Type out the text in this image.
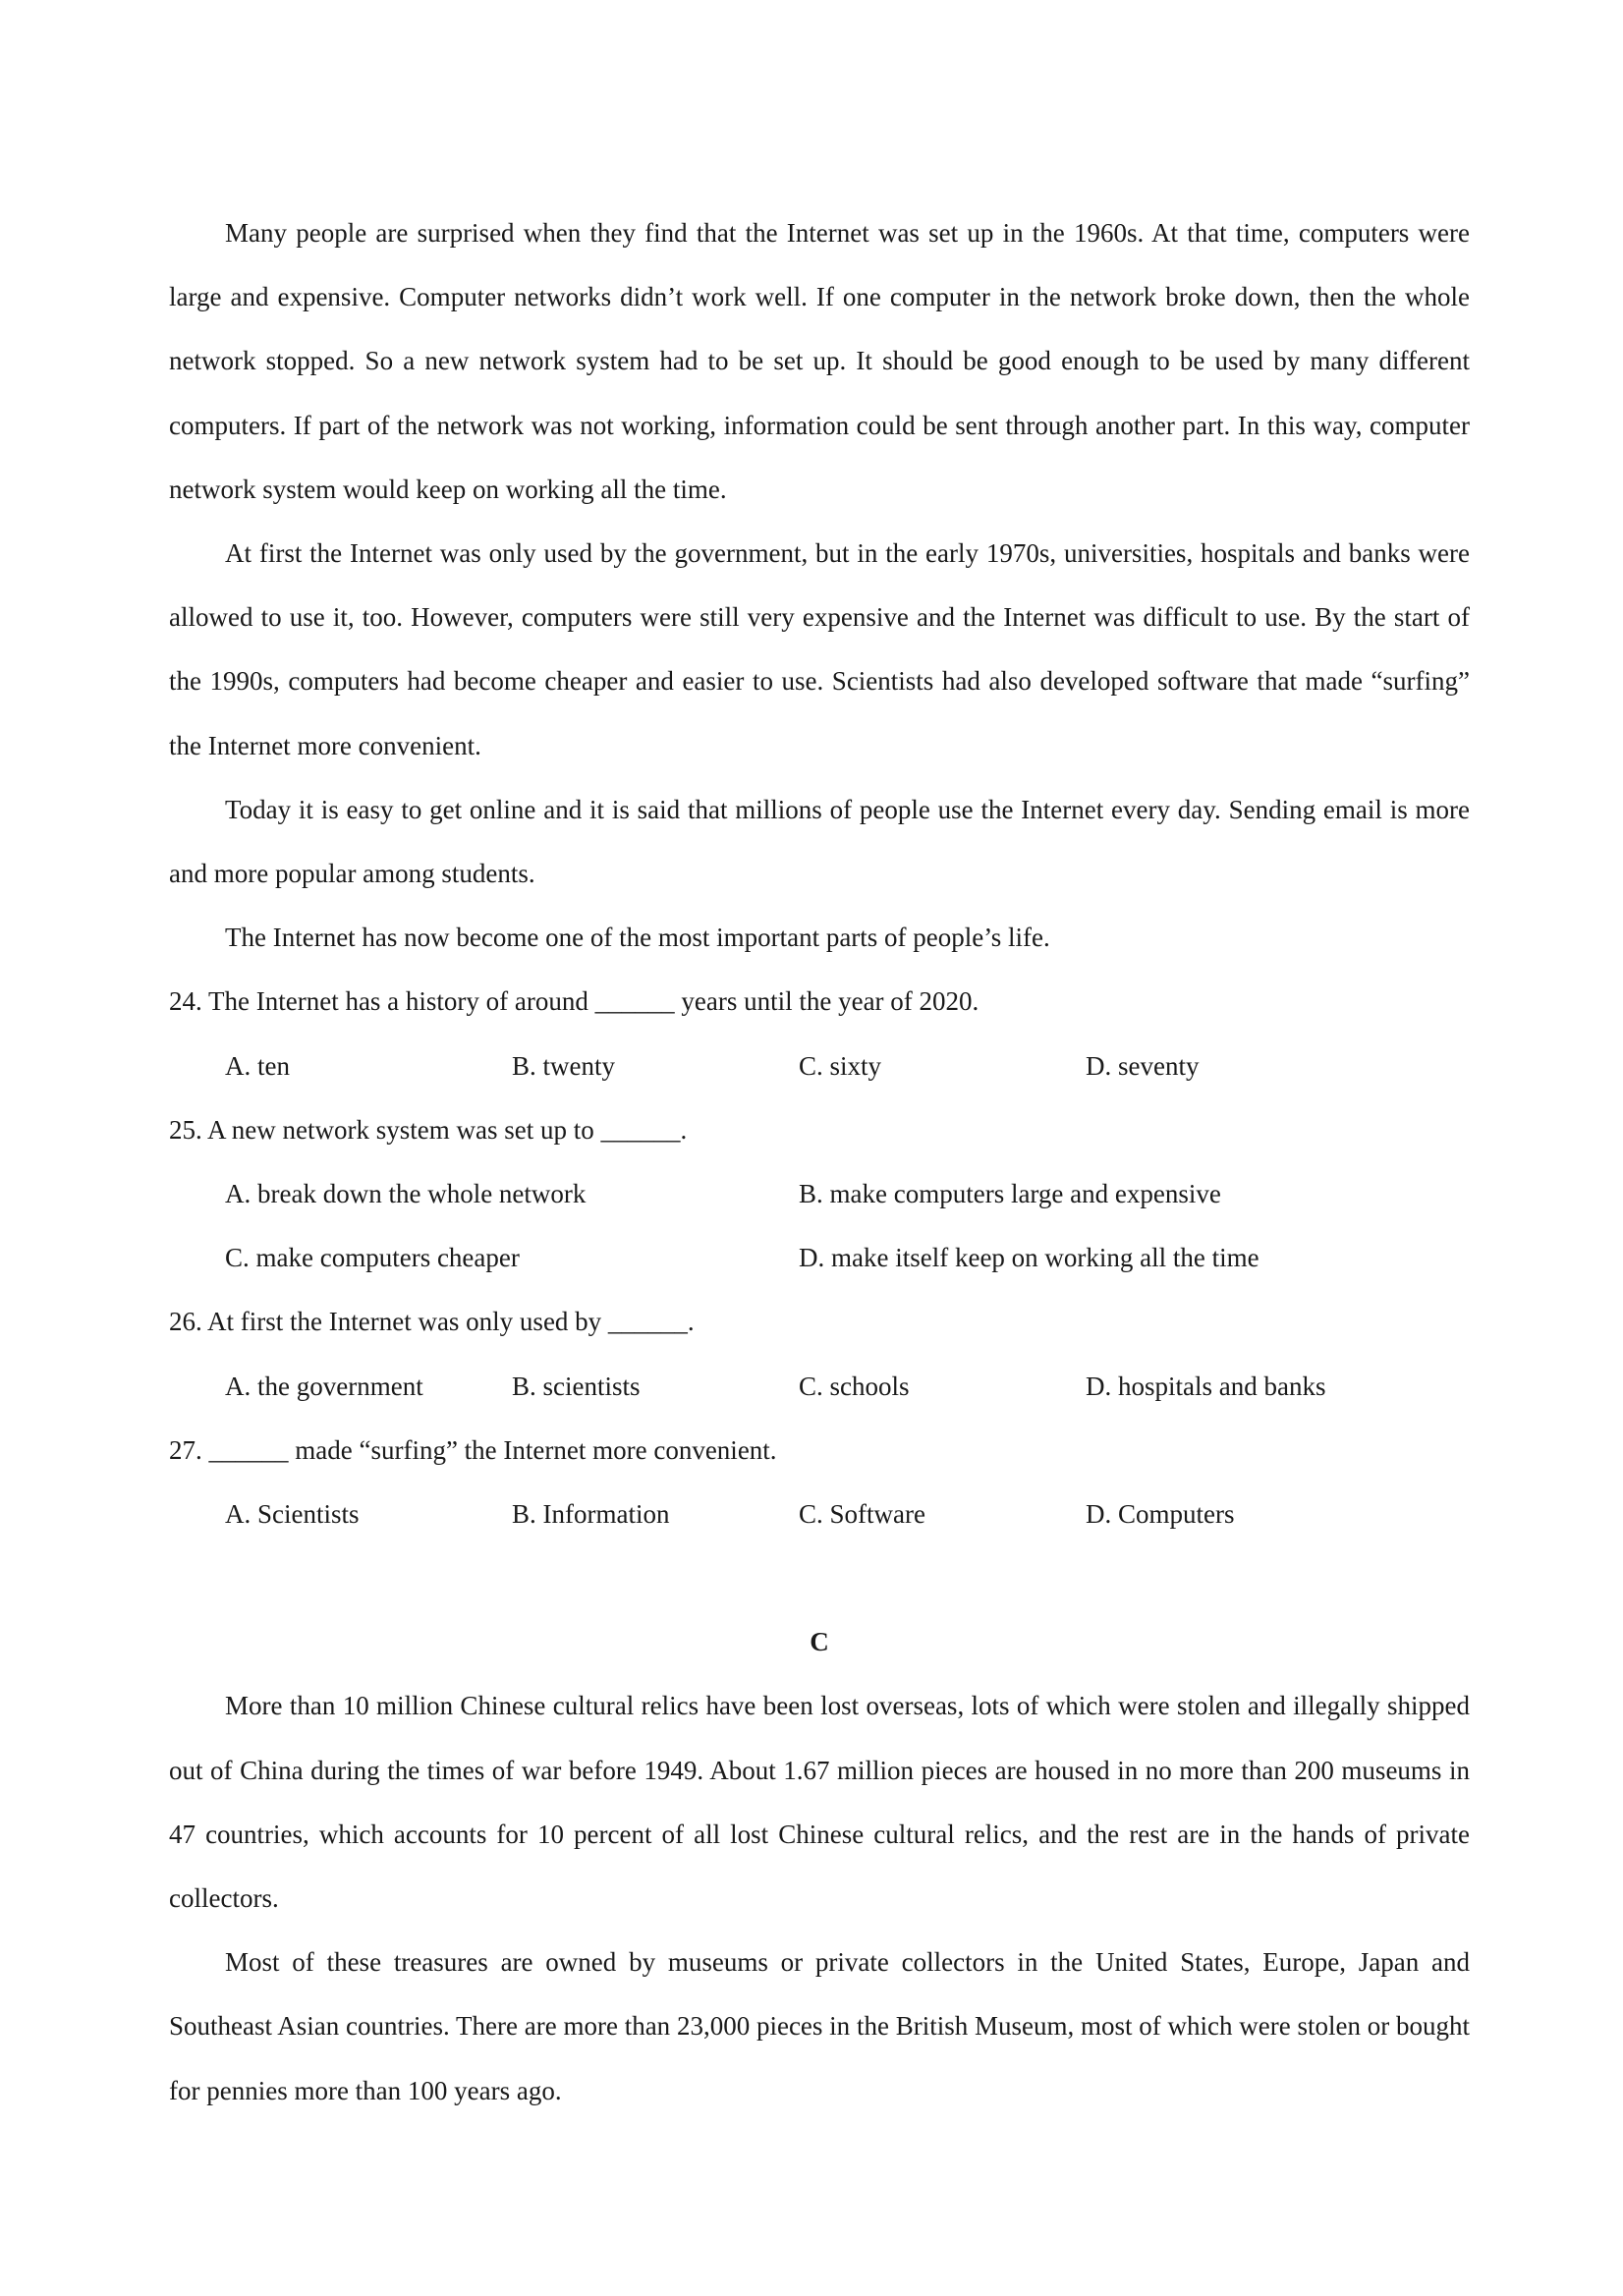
Many people are surprised when they find that the Internet was set up in the 1960s. At that time, computers were large and expensive. Computer networks didn’t work well. If one computer in the network broke down, then the whole network stopped. So a new network system had to be set up. It should be good enough to be used by many different computers. If part of the network was not working, information could be sent through another part. In this way, computer network system would keep on working all the time.

At first the Internet was only used by the government, but in the early 1970s, universities, hospitals and banks were allowed to use it, too. However, computers were still very expensive and the Internet was difficult to use. By the start of the 1990s, computers had become cheaper and easier to use. Scientists had also developed software that made “surfing” the Internet more convenient.

Today it is easy to get online and it is said that millions of people use the Internet every day. Sending email is more and more popular among students.

The Internet has now become one of the most important parts of people’s life.

24. The Internet has a history of around ______ years until the year of 2020.

A. ten	B. twenty	C. sixty	D. seventy

25. A new network system was set up to ______.

A. break down the whole network	B. make computers large and expensive
C. make computers cheaper	D. make itself keep on working all the time

26. At first the Internet was only used by ______.

A. the government	B. scientists	C. schools	D. hospitals and banks

27. ______ made “surfing” the Internet more convenient.

A. Scientists	B. Information	C. Software	D. Computers

C

More than 10 million Chinese cultural relics have been lost overseas, lots of which were stolen and illegally shipped out of China during the times of war before 1949. About 1.67 million pieces are housed in no more than 200 museums in 47 countries, which accounts for 10 percent of all lost Chinese cultural relics, and the rest are in the hands of private collectors.

Most of these treasures are owned by museums or private collectors in the United States, Europe, Japan and Southeast Asian countries. There are more than 23,000 pieces in the British Museum, most of which were stolen or bought for pennies more than 100 years ago.
